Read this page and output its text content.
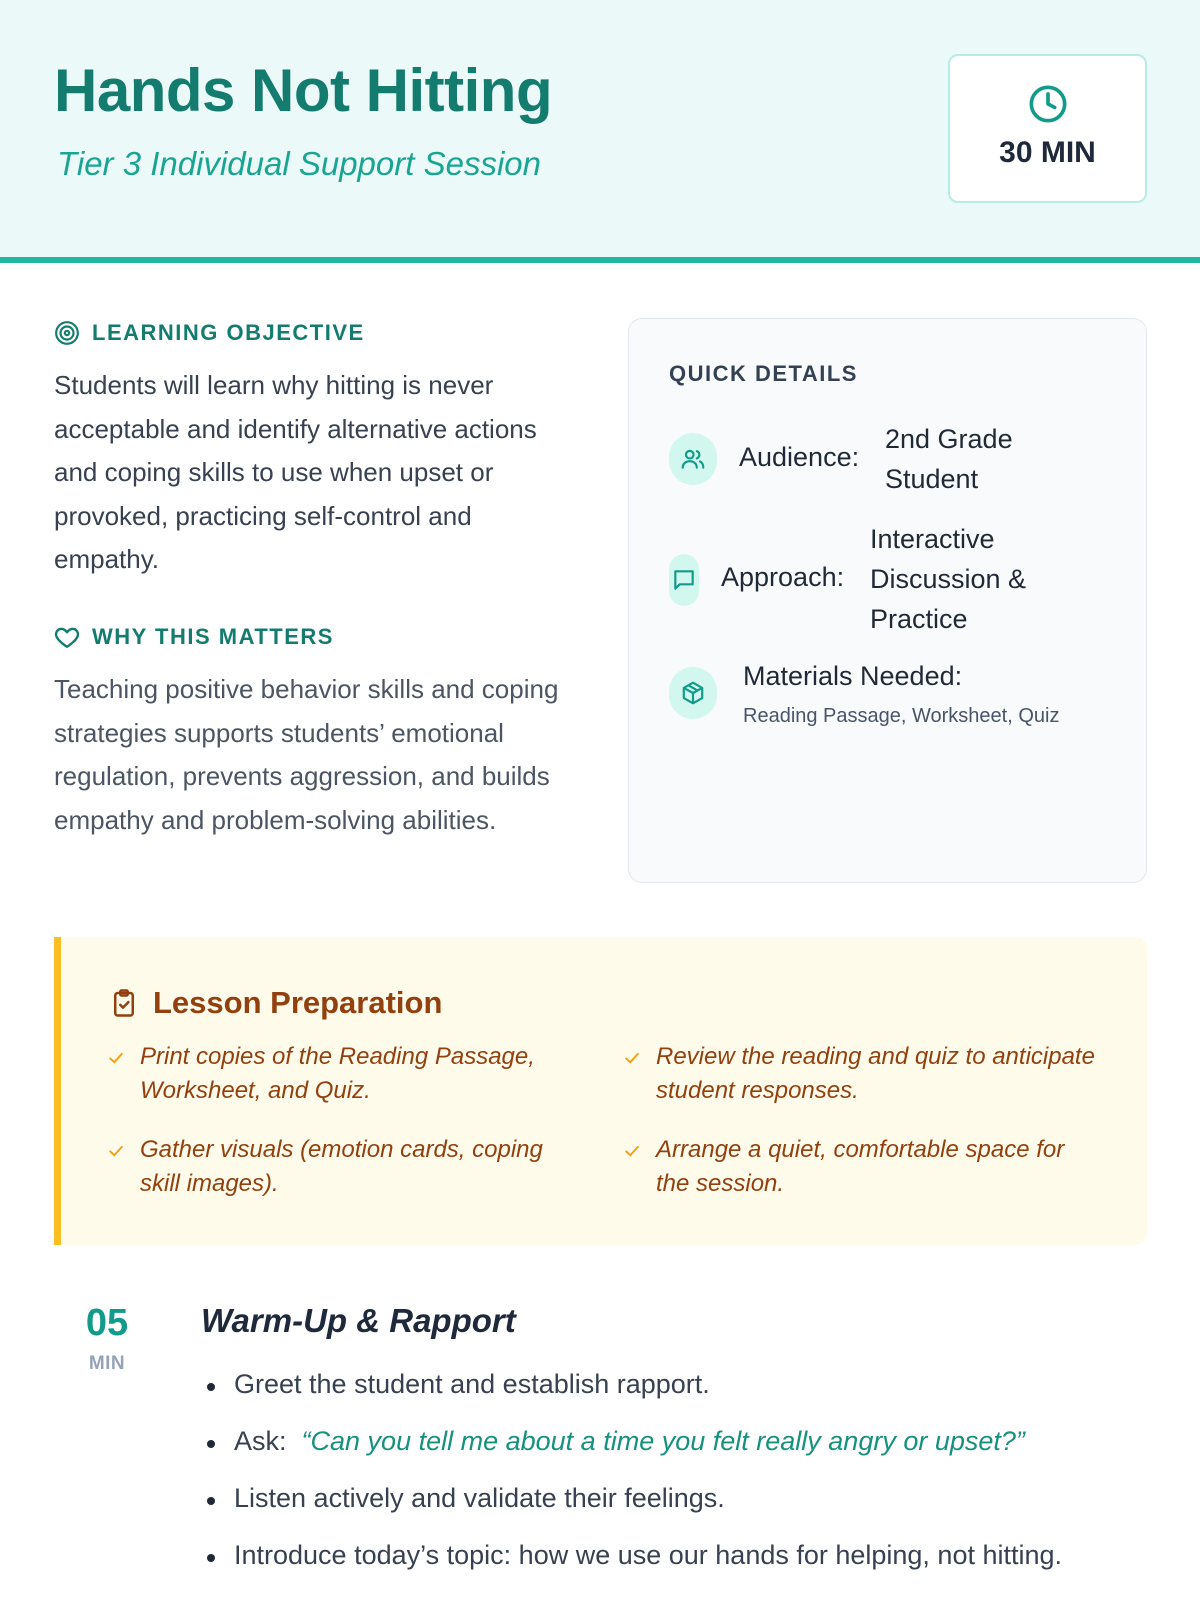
Hands Not Hitting
Tier 3 Individual Support Session	30 MIN
LEARNING OBJECTIVE

Students will learn why hitting is never acceptable and identify alternative actions and coping skills to use when upset or provoked, practicing self-control and empathy.

WHY THIS MATTERS

Teaching positive behavior skills and coping strategies supports students’ emotional regulation, prevents aggression, and builds empathy and problem-solving abilities.

QUICK DETAILS
Audience:
2nd Grade
Student
Approach:
Interactive
Discussion &
Practice
Materials Needed:
Reading Passage, Worksheet, Quiz
Lesson Preparation
Print copies of the Reading Passage,
Worksheet, and Quiz.
Review the reading and quiz to anticipate
student responses.
Gather visuals (emotion cards, coping
skill images).
Arrange a quiet, comfortable space for
the session.
05
MIN
Warm-Up & Rapport
Greet the student and establish rapport.
Ask: “Can you tell me about a time you felt really angry or upset?”
Listen actively and validate their feelings.
Introduce today’s topic: how we use our hands for helping, not hitting.
